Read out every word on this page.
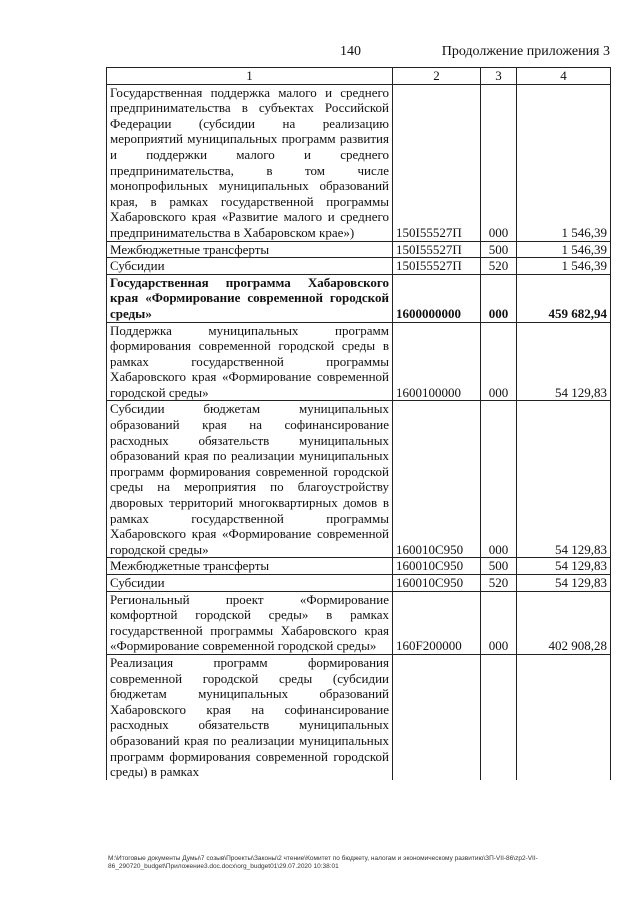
140	Продолжение приложения 3
1	2	3	4
Государственная поддержка малого и среднего предпринимательства в субъектах Российской Федерации (субсидии на реализацию мероприятий муниципальных программ развития и поддержки малого и среднего предпринимательства, в том числе монопрофильных муниципальных образований края, в рамках государственной программы Хабаровского края «Развитие малого и среднего предпринимательства в Хабаровском крае»)	150I55527П	000	1 546,39
Межбюджетные трансферты	150I55527П	500	1 546,39
Субсидии	150I55527П	520	1 546,39
Государственная программа Хабаровского края «Формирование современной городской среды»	1600000000	000	459 682,94
Поддержка муниципальных программ формирования современной городской среды в рамках государственной программы Хабаровского края «Формирование современной городской среды»	1600100000	000	54 129,83
Субсидии бюджетам муниципальных образований края на софинансирование расходных обязательств муниципальных образований края по реализации муниципальных программ формирования современной городской среды на мероприятия по благоустройству дворовых территорий многоквартирных домов в рамках государственной программы Хабаровского края «Формирование современной городской среды»	160010С950	000	54 129,83
Межбюджетные трансферты	160010С950	500	54 129,83
Субсидии	160010С950	520	54 129,83
Региональный проект «Формирование комфортной городской среды» в рамках государственной программы Хабаровского края «Формирование современной городской среды»	160F200000	000	402 908,28
Реализация программ формирования современной городской среды (субсидии бюджетам муниципальных образований Хабаровского края на софинансирование расходных обязательств муниципальных образований края по реализации муниципальных программ формирования современной городской среды) в рамках			
M:\Итоговые документы Думы\7 созыв\Проекты\Законы\2 чтение\Комитет по бюджету, налогам и экономическому развитию\ЗП-VII-86\zp2-VII-86_290720_budget\Приложение3.doc.docx\org_budget01\29.07.2020 10:38:01
